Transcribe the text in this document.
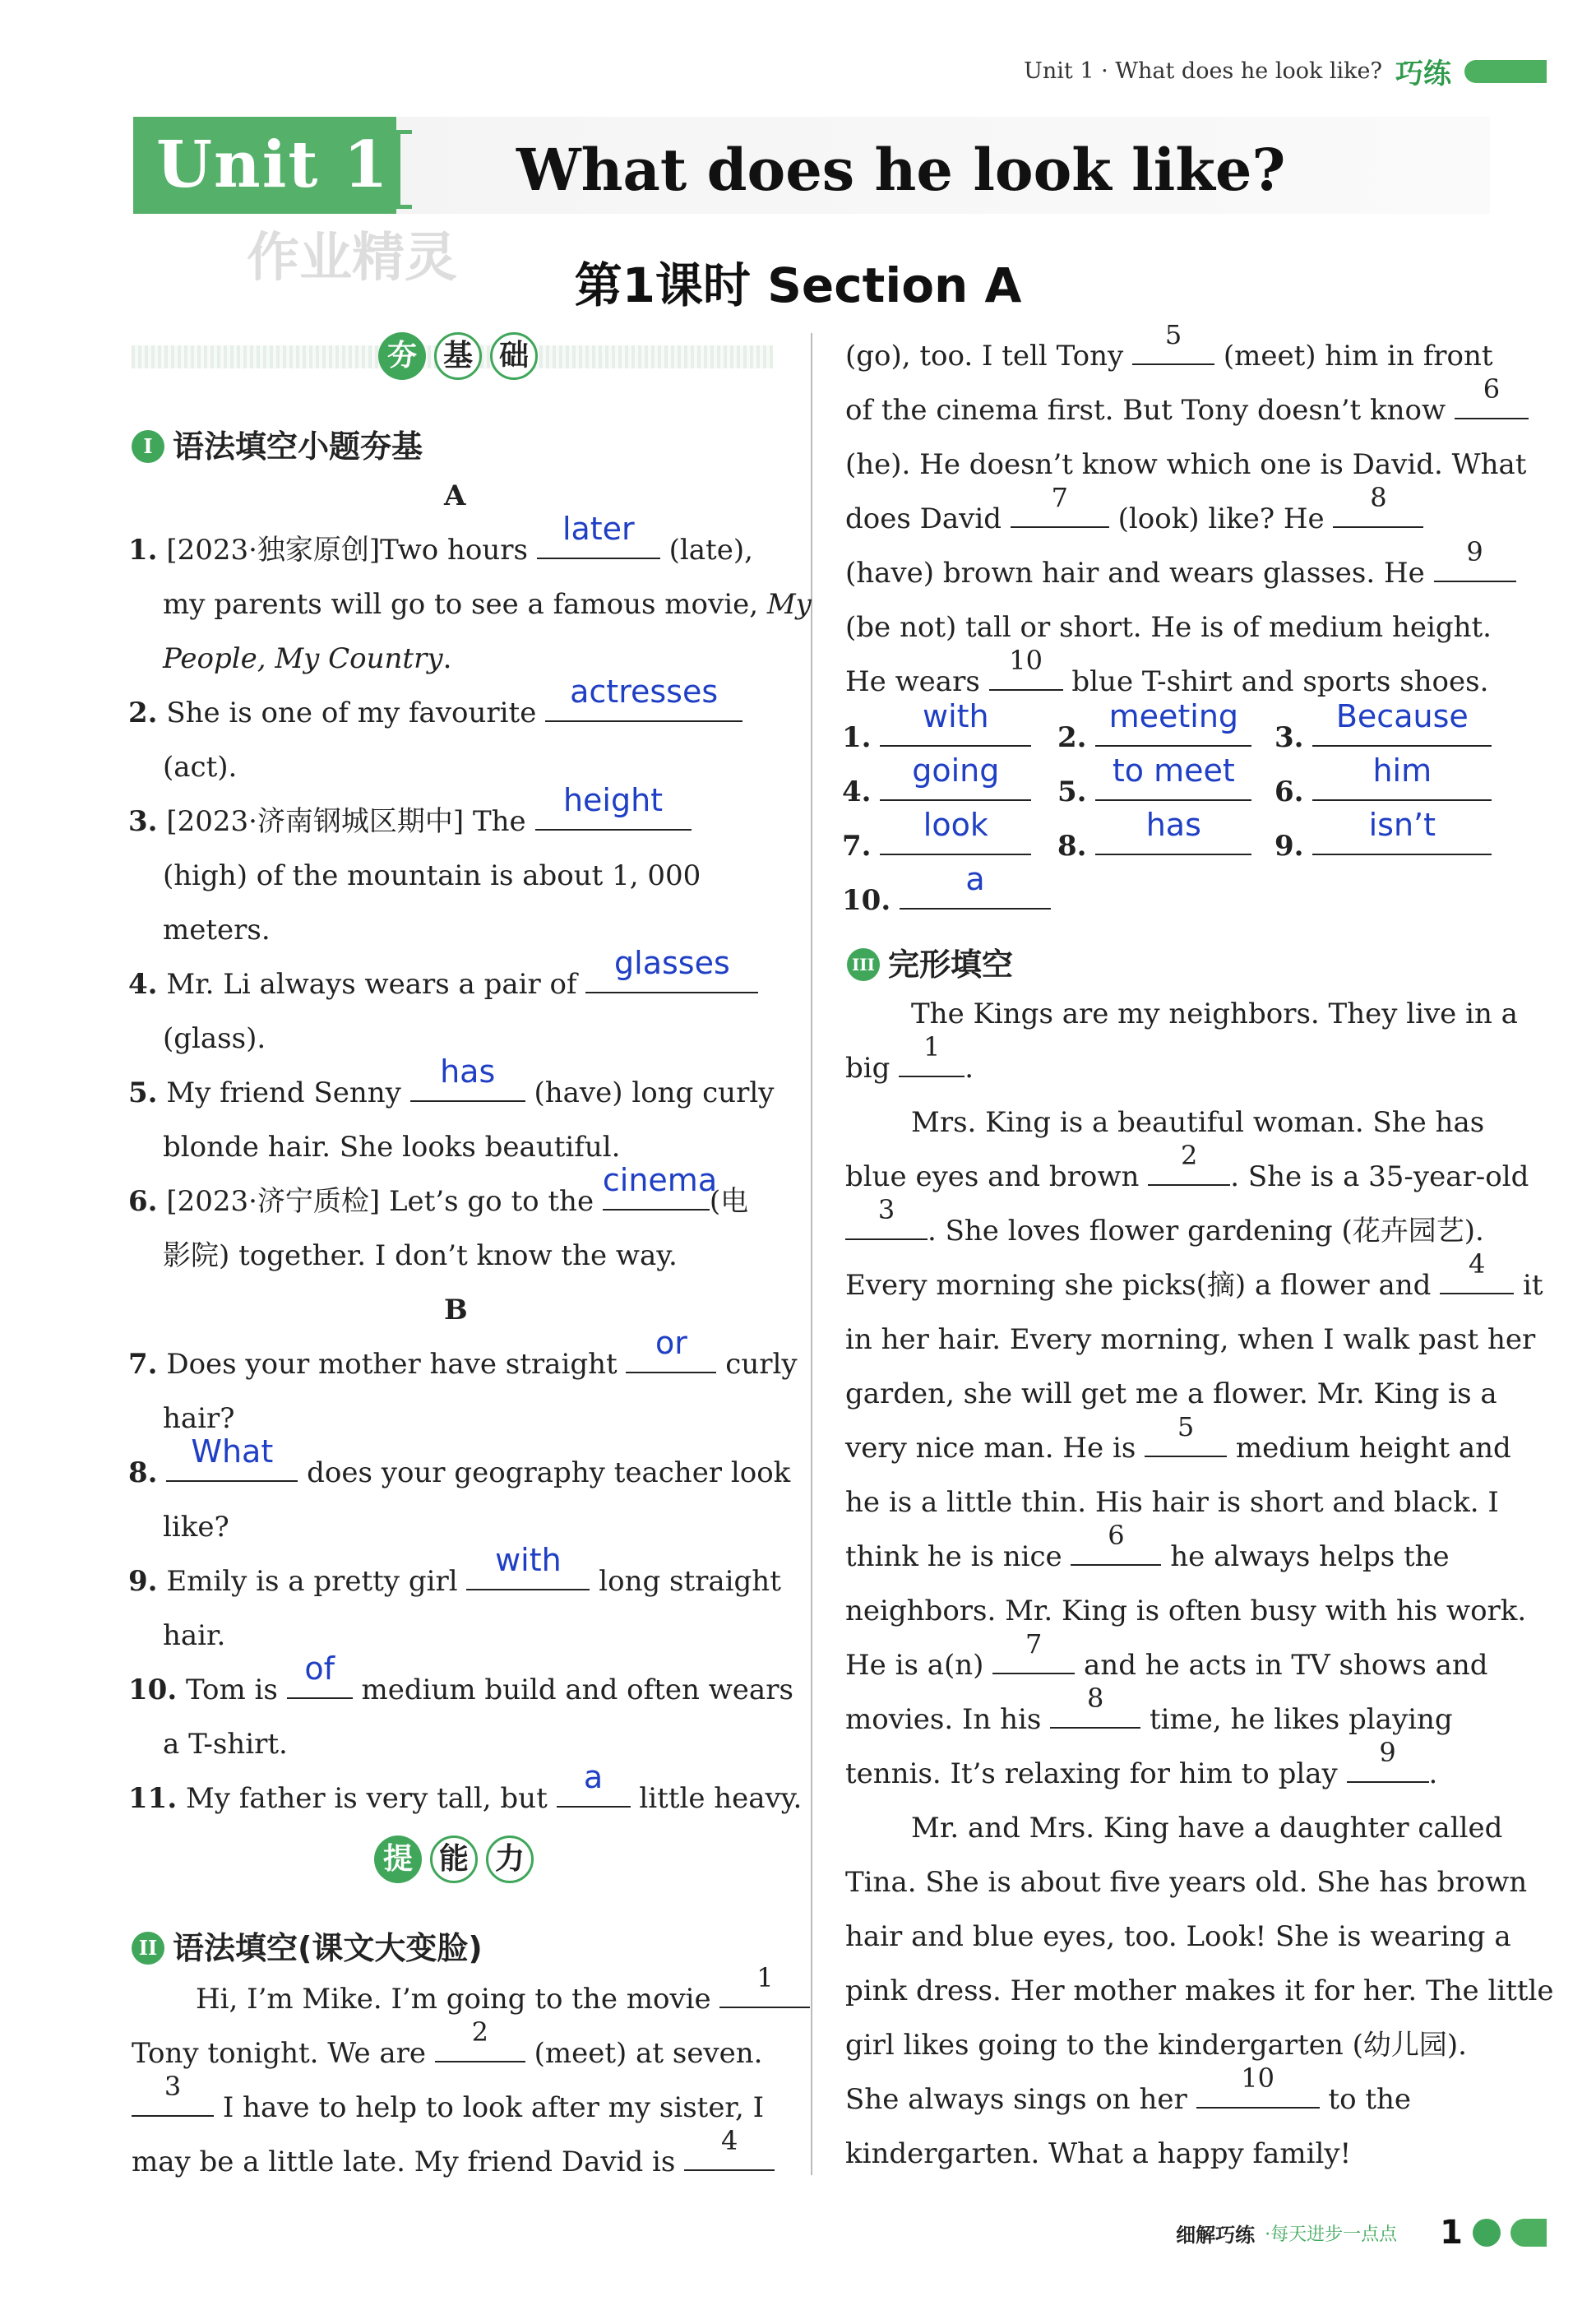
Unit 1 · What does he look like? 巧练
Unit 1 What does he look like?
作业精灵	第1课时 Section A
夯 基 础
I 语法填空小题夯基
A
1. [2023·独家原创]Two hours
later
(late),
my parents will go to see a famous movie, My
People, My Country.
2. She is one of my favourite
actresses
(act).
3. [2023·济南钢城区期中] The
height
(high) of the mountain is about 1, 000
meters.
4. Mr. Li always wears a pair of
glasses
(glass).
5. My friend Senny
has
(have) long curly
blonde hair. She looks beautiful.
6. [2023·济宁质检] Let’s go to the
cinema
(电
影院) together. I don’t know the way.
B
7. Does your mother have straight
or
curly
hair?
8.
What
does your geography teacher look
like?
9. Emily is a pretty girl
with
long straight
hair.
10. Tom is
of
medium build and often wears
a T-shirt.
11. My father is very tall, but
a
little heavy.
提 能 力
II 语法填空(课文大变脸)
Hi, I’m Mike. I’m going to the movie
1
Tony tonight. We are
2
(meet) at seven.
3
I have to help to look after my sister, I
may be a little late. My friend David is
4
(go), too. I tell Tony
5
(meet) him in front
of the cinema first. But Tony doesn’t know
6
(he). He doesn’t know which one is David. What
does David
7
(look) like? He
8
(have) brown hair and wears glasses. He
9
(be not) tall or short. He is of medium height.
He wears
10
blue T-shirt and sports shoes.
1.
with
2.
meeting
3.
Because
4.
going
5.
to meet
6.
him
7.
look
8.
has
9.
isn’t
10.
a
III 完形填空
The Kings are my neighbors. They live in a
big
1
.
Mrs. King is a beautiful woman. She has
blue eyes and brown
2
. She is a 35-year-old
3
. She loves flower gardening (花卉园艺).
Every morning she picks(摘) a flower and
4
it
in her hair. Every morning, when I walk past her
garden, she will get me a flower. Mr. King is a
very nice man. He is
5
medium height and
he is a little thin. His hair is short and black. I
think he is nice
6
he always helps the
neighbors. Mr. King is often busy with his work.
He is a(n)
7
and he acts in TV shows and
movies. In his
8
time, he likes playing
tennis. It’s relaxing for him to play
9
.
Mr. and Mrs. King have a daughter called
Tina. She is about five years old. She has brown
hair and blue eyes, too. Look! She is wearing a
pink dress. Her mother makes it for her. The little
girl likes going to the kindergarten (幼儿园).
She always sings on her
10
to the
kindergarten. What a happy family!
细解巧练 ·每天进步一点点 1
